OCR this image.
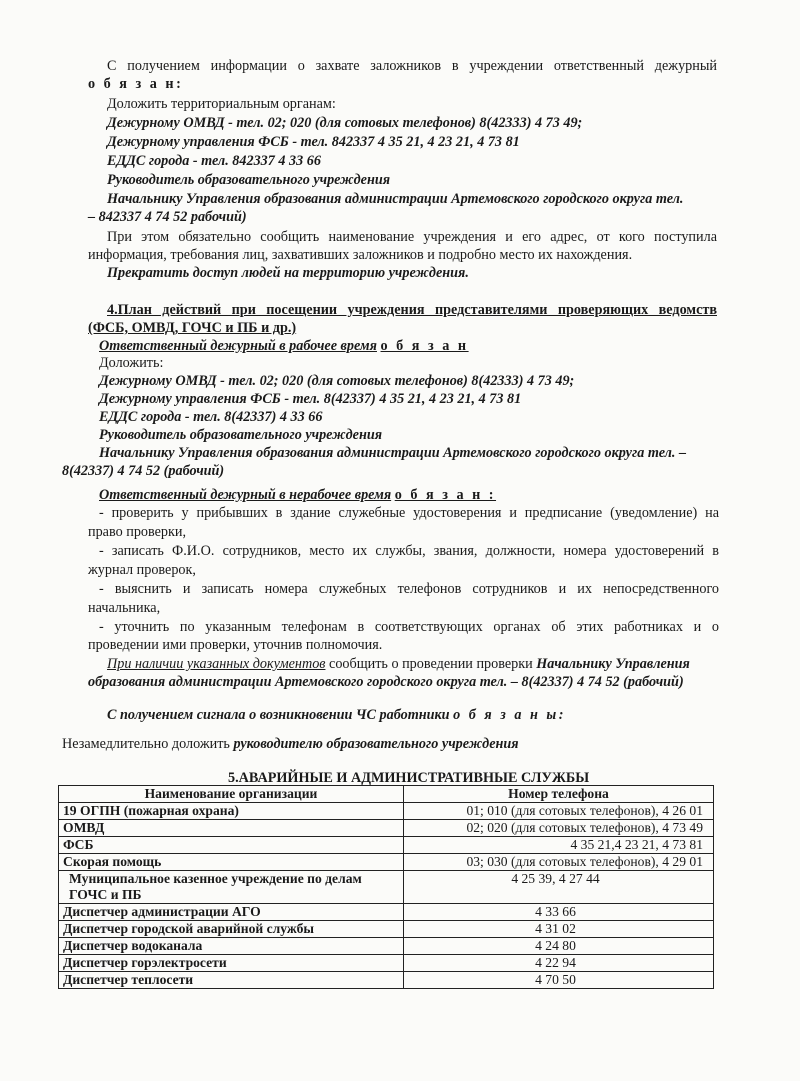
С получением информации о захвате заложников в учреждении ответственный дежурный
о б я з а н:
Доложить территориальным органам:
Дежурному ОМВД - тел. 02; 020 (для сотовых телефонов) 8(42333) 4 73 49;
Дежурному управления ФСБ - тел. 842337 4 35 21, 4 23 21, 4 73 81
ЕДДС города - тел. 842337 4 33 66
Руководитель образовательного учреждения
Начальнику Управления образования администрации Артемовского городского округа тел.
– 842337 4 74 52 рабочий)
При этом обязательно сообщить наименование учреждения и его адрес, от кого поступила
информация, требования лиц, захвативших заложников и подробно место их нахождения.
Прекратить доступ людей на территорию учреждения.
4.План действий при посещении учреждения представителями проверяющих ведомств
(ФСБ, ОМВД, ГОЧС и ПБ и др.)
Ответственный дежурный в рабочее время о б я з а н
Доложить:
Дежурному ОМВД - тел. 02; 020 (для сотовых телефонов) 8(42333) 4 73 49;
Дежурному управления ФСБ - тел. 8(42337) 4 35 21, 4 23 21, 4 73 81
ЕДДС города - тел. 8(42337) 4 33 66
Руководитель образовательного учреждения
Начальнику Управления образования администрации Артемовского городского округа тел. –
8(42337) 4 74 52 (рабочий)
Ответственный дежурный в нерабочее время о б я з а н :
- проверить у прибывших в здание служебные удостоверения и предписание (уведомление) на
право проверки,
- записать Ф.И.О. сотрудников, место их службы, звания, должности, номера удостоверений в
журнал проверок,
- выяснить и записать номера служебных телефонов сотрудников и их непосредственного
начальника,
- уточнить по указанным телефонам в соответствующих органах об этих работниках и о
проведении ими проверки, уточнив полномочия.
При наличии указанных документов сообщить о проведении проверки Начальнику Управления
образования администрации Артемовского городского округа тел. – 8(42337) 4 74 52 (рабочий)
С получением сигнала о возникновении ЧС работники о б я з а н ы:
Незамедлительно доложить руководителю образовательного учреждения
5.АВАРИЙНЫЕ И АДМИНИСТРАТИВНЫЕ СЛУЖБЫ
Наименование организации	Номер телефона
19 ОГПН (пожарная охрана)	01; 010 (для сотовых телефонов), 4 26 01
ОМВД	02; 020 (для сотовых телефонов), 4 73 49
ФСБ	4 35 21,4 23 21, 4 73 81
Скорая помощь	03; 030 (для сотовых телефонов), 4 29 01
Муниципальное казенное учреждение по делам ГОЧС и ПБ	4 25 39, 4 27 44
Диспетчер администрации АГО	4 33 66
Диспетчер городской аварийной службы	4 31 02
Диспетчер водоканала	4 24 80
Диспетчер горэлектросети	4 22 94
Диспетчер теплосети	4 70 50
